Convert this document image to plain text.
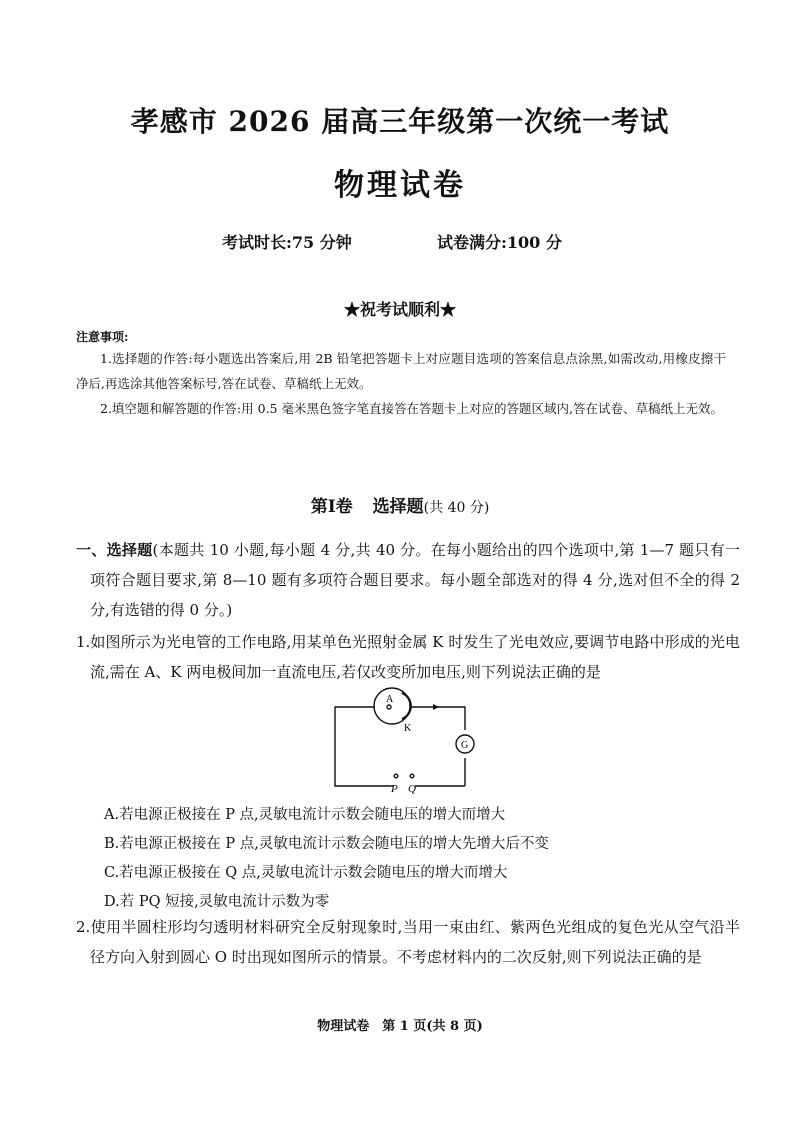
孝感市 2026 届高三年级第一次统一考试
物理试卷
考试时长:75 分钟	试卷满分:100 分
★祝考试顺利★
注意事项:
1.选择题的作答:每小题选出答案后,用 2B 铅笔把答题卡上对应题目选项的答案信息点涂黑,如需改动,用橡皮擦干净后,再选涂其他答案标号,答在试卷、草稿纸上无效。
2.填空题和解答题的作答:用 0.5 毫米黑色签字笔直接答在答题卡上对应的答题区域内,答在试卷、草稿纸上无效。
第Ⅰ卷 选择题(共 40 分)
一、选择题(本题共 10 小题,每小题 4 分,共 40 分。在每小题给出的四个选项中,第 1—7 题只有一项符合题目要求,第 8—10 题有多项符合题目要求。每小题全部选对的得 4 分,选对但不全的得 2 分,有选错的得 0 分。)
1.如图所示为光电管的工作电路,用某单色光照射金属 K 时发生了光电效应,要调节电路中形成的光电流,需在 A、K 两电极间加一直流电压,若仅改变所加电压,则下列说法正确的是
A
K
G
P Q
A.若电源正极接在 P 点,灵敏电流计示数会随电压的增大而增大
B.若电源正极接在 P 点,灵敏电流计示数会随电压的增大先增大后不变
C.若电源正极接在 Q 点,灵敏电流计示数会随电压的增大而增大
D.若 PQ 短接,灵敏电流计示数为零
2.使用半圆柱形均匀透明材料研究全反射现象时,当用一束由红、紫两色光组成的复色光从空气沿半径方向入射到圆心 O 时出现如图所示的情景。不考虑材料内的二次反射,则下列说法正确的是
物理试卷　第 1 页(共 8 页)
